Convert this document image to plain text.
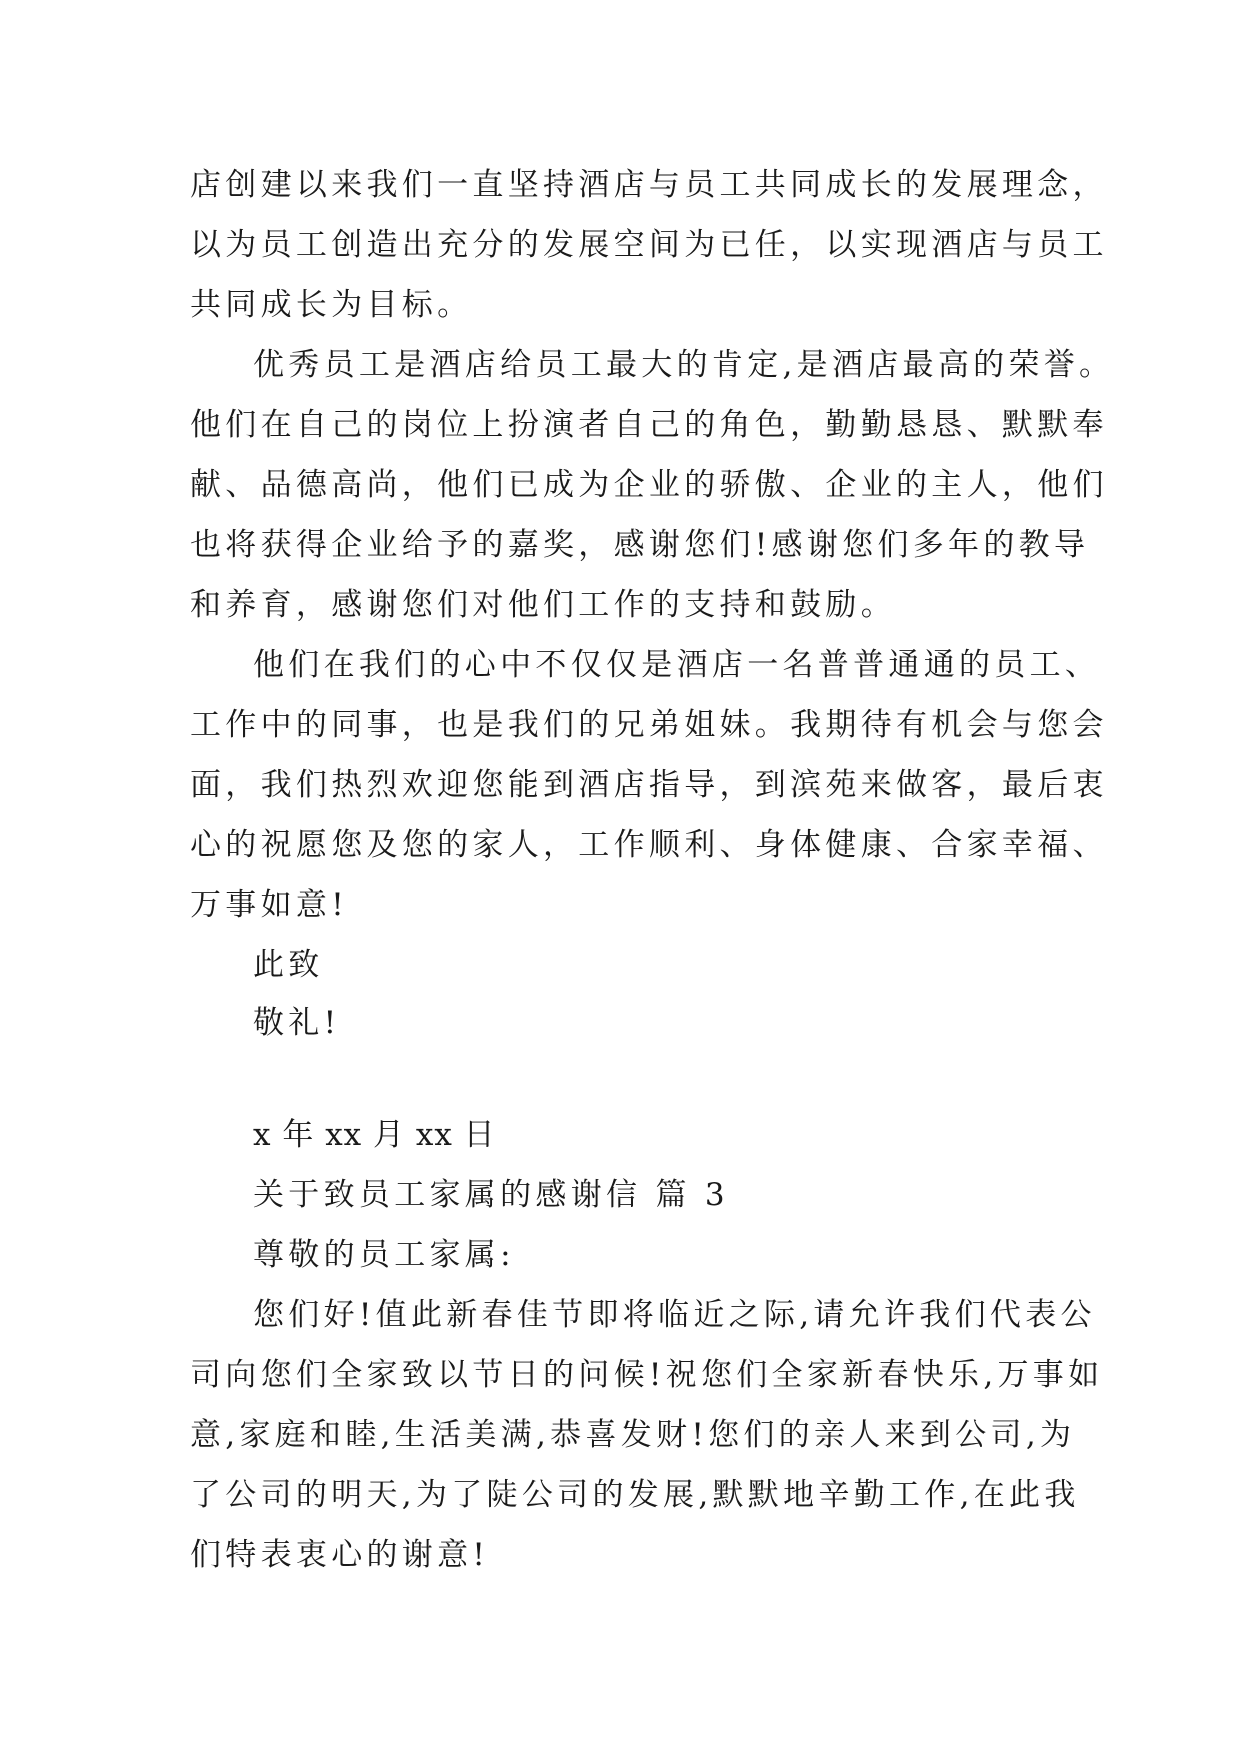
店创建以来我们一直坚持酒店与员工共同成长的发展理念，
以为员工创造出充分的发展空间为已任，以实现酒店与员工
共同成长为目标。
优秀员工是酒店给员工最大的肯定,是酒店最高的荣誉。
他们在自己的岗位上扮演者自己的角色，勤勤恳恳、默默奉
献、品德高尚，他们已成为企业的骄傲、企业的主人，他们
也将获得企业给予的嘉奖，感谢您们!感谢您们多年的教导
和养育，感谢您们对他们工作的支持和鼓励。
他们在我们的心中不仅仅是酒店一名普普通通的员工、
工作中的同事，也是我们的兄弟姐妹。我期待有机会与您会
面，我们热烈欢迎您能到酒店指导，到滨苑来做客，最后衷
心的祝愿您及您的家人，工作顺利、身体健康、合家幸福、
万事如意!
此致
敬礼!
x 年 xx 月 xx 日
关于致员工家属的感谢信 篇 3
尊敬的员工家属:
您们好!值此新春佳节即将临近之际,请允许我们代表公
司向您们全家致以节日的问候!祝您们全家新春快乐,万事如
意,家庭和睦,生活美满,恭喜发财!您们的亲人来到公司,为
了公司的明天,为了陡公司的发展,默默地辛勤工作,在此我
们特表衷心的谢意!
